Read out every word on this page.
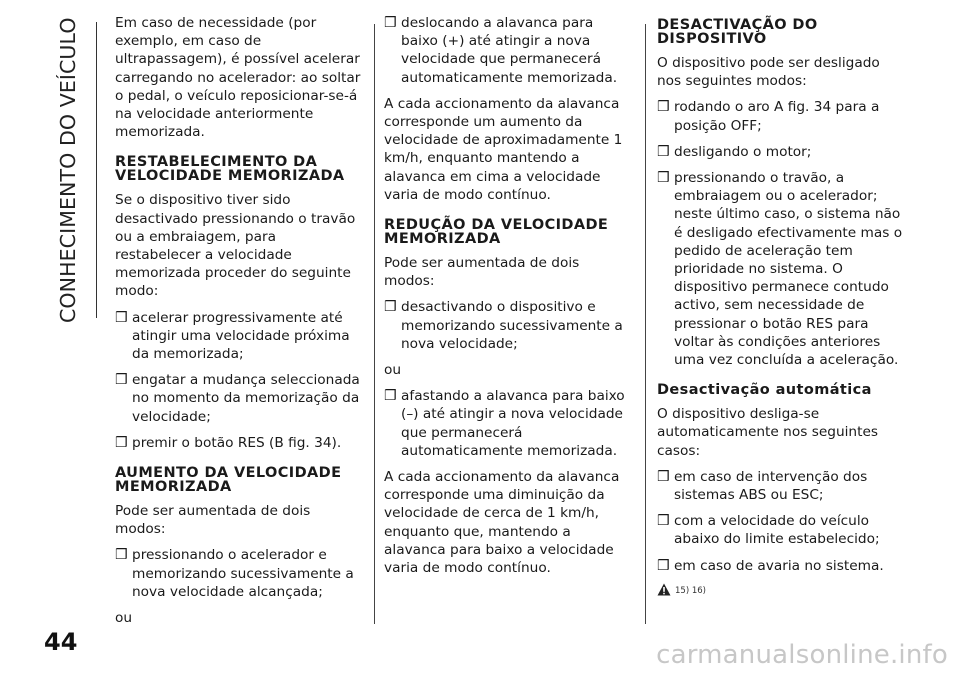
CONHECIMENTO DO VEÍCULO
44

Em caso de necessidade (por exemplo, em caso de ultrapassagem), é possível acelerar carregando no acelerador: ao soltar o pedal, o veículo reposicionar-se-á na velocidade anteriormente memorizada.

RESTABELECIMENTO DA VELOCIDADE MEMORIZADA

Se o dispositivo tiver sido desactivado pressionando o travão ou a embraiagem, para restabelecer a velocidade memorizada proceder do seguinte modo:

❒ acelerar progressivamente até atingir uma velocidade próxima da memorizada;
❒ engatar a mudança seleccionada no momento da memorização da velocidade;
❒ premir o botão RES (B fig. 34).
AUMENTO DA VELOCIDADE MEMORIZADA

Pode ser aumentada de dois modos:

❒ pressionando o acelerador e memorizando sucessivamente a nova velocidade alcançada;

ou

❒ deslocando a alavanca para baixo (+) até atingir a nova velocidade que permanecerá automaticamente memorizada.

A cada accionamento da alavanca corresponde um aumento da velocidade de aproximadamente 1 km/h, enquanto mantendo a alavanca em cima a velocidade varia de modo contínuo.

REDUÇÃO DA VELOCIDADE MEMORIZADA

Pode ser aumentada de dois modos:

❒ desactivando o dispositivo e memorizando sucessivamente a nova velocidade;

ou

❒ afastando a alavanca para baixo (–) até atingir a nova velocidade que permanecerá automaticamente memorizada.

A cada accionamento da alavanca corresponde uma diminuição da velocidade de cerca de 1 km/h, enquanto que, mantendo a alavanca para baixo a velocidade varia de modo contínuo.

DESACTIVAÇÃO DO DISPOSITIVO

O dispositivo pode ser desligado nos seguintes modos:

❒ rodando o aro A fig. 34 para a posição OFF;
❒ desligando o motor;
❒ pressionando o travão, a embraiagem ou o acelerador; neste último caso, o sistema não é desligado efectivamente mas o pedido de aceleração tem prioridade no sistema. O dispositivo permanece contudo activo, sem necessidade de pressionar o botão RES para voltar às condições anteriores uma vez concluída a aceleração.
Desactivação automática

O dispositivo desliga-se automaticamente nos seguintes casos:

❒ em caso de intervenção dos sistemas ABS ou ESC;
❒ com a velocidade do veículo abaixo do limite estabelecido;
❒ em caso de avaria no sistema.
15) 16)
carmanualsonline.info
